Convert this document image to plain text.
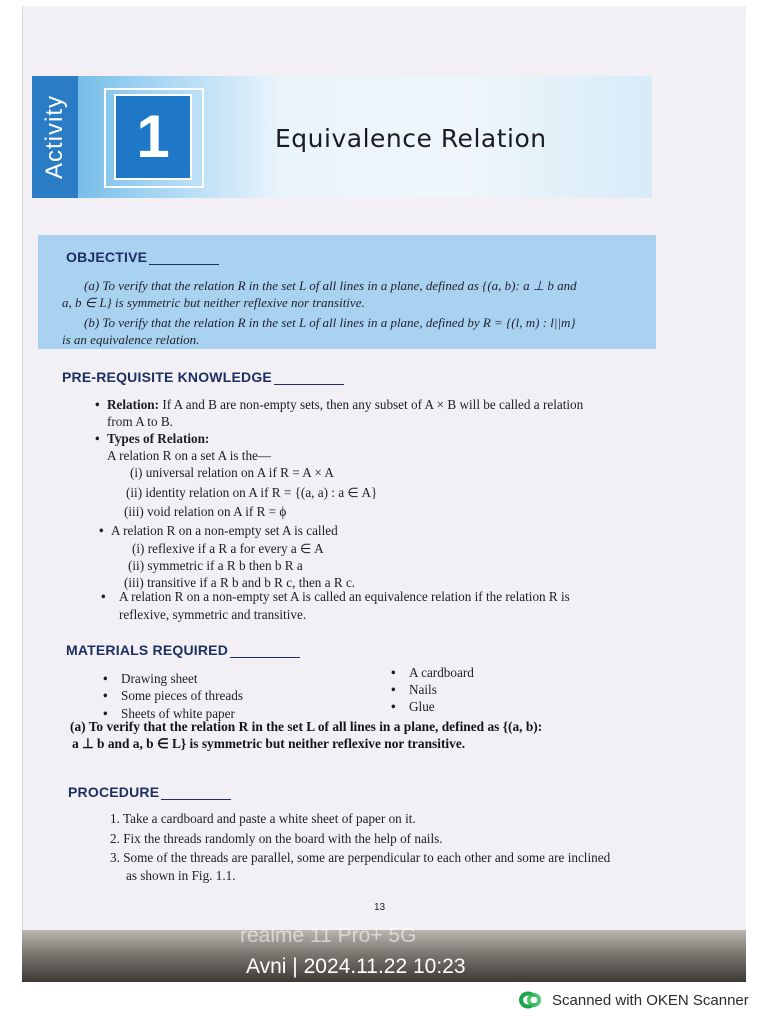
Activity 1	Equivalence Relation
OBJECTIVE
(a) To verify that the relation R in the set L of all lines in a plane, defined as {(a, b): a ⊥ b and
a, b ∈ L} is symmetric but neither reflexive nor transitive.
(b) To verify that the relation R in the set L of all lines in a plane, defined by R = {(l, m) : l||m}
is an equivalence relation.
PRE-REQUISITE KNOWLEDGE
• Relation: If A and B are non-empty sets, then any subset of A × B will be called a relation
from A to B.
• Types of Relation:
A relation R on a set A is the—
(i) universal relation on A if R = A × A
(ii) identity relation on A if R = {(a, a) : a ∈ A}
(iii) void relation on A if R = ϕ
• A relation R on a non-empty set A is called
(i) reflexive if a R a for every a ∈ A
(ii) symmetric if a R b then b R a
(iii) transitive if a R b and b R c, then a R c.
• A relation R on a non-empty set A is called an equivalence relation if the relation R is
reflexive, symmetric and transitive.
MATERIALS REQUIRED
• Drawing sheet
• Some pieces of threads
• Sheets of white paper
• A cardboard
• Nails
• Glue
(a) To verify that the relation R in the set L of all lines in a plane, defined as {(a, b):
a ⊥ b and a, b ∈ L} is symmetric but neither reflexive nor transitive.
PROCEDURE
1. Take a cardboard and paste a white sheet of paper on it.
2. Fix the threads randomly on the board with the help of nails.
3. Some of the threads are parallel, some are perpendicular to each other and some are inclined
as shown in Fig. 1.1.
13
realme 11 Pro+ 5G
Avni | 2024.11.22 10:23
Scanned with OKEN Scanner
